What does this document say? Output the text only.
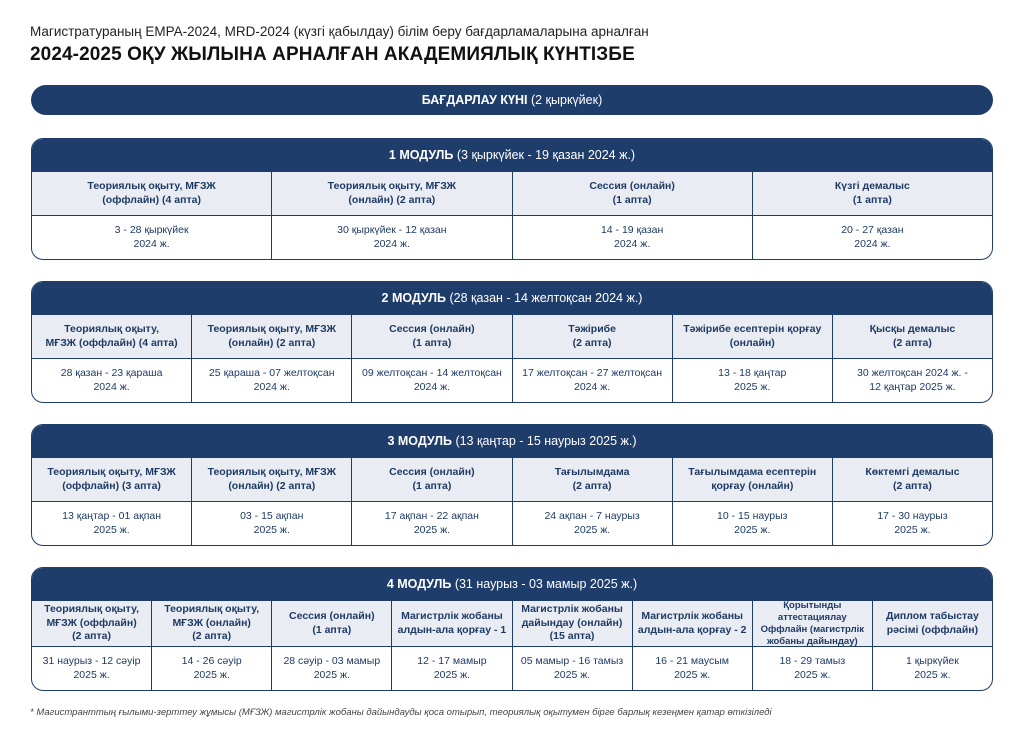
Магистратураның EMPA-2024, MRD-2024 (күзгі қабылдау) білім беру бағдарламаларына арналған
2024-2025 ОҚУ ЖЫЛЫНА АРНАЛҒАН АКАДЕМИЯЛЫҚ КҮНТІЗБЕ
БАҒДАРЛАУ КҮНІ (2 қыркүйек)
1 МОДУЛЬ (3 қыркүйек - 19 қазан 2024 ж.)
Теориялық оқыту, МҒЗЖ
(оффлайн) (4 апта)
Теориялық оқыту, МҒЗЖ
(онлайн) (2 апта)
Сессия (онлайн)
(1 апта)
Күзгі демалыс
(1 апта)
3 - 28 қыркүйек
2024 ж.
30 қыркүйек - 12 қазан
2024 ж.
14 - 19 қазан
2024 ж.
20 - 27 қазан
2024 ж.
2 МОДУЛЬ (28 қазан - 14 желтоқсан 2024 ж.)
Теориялық оқыту,
МҒЗЖ (оффлайн) (4 апта)
Теориялық оқыту, МҒЗЖ
(онлайн) (2 апта)
Сессия (онлайн)
(1 апта)
Тәжірибе
(2 апта)
Тәжірибе есептерін қорғау
(онлайн)
Қысқы демалыс
(2 апта)
28 қазан - 23 қараша
2024 ж.
25 қараша - 07 желтоқсан
2024 ж.
09 желтоқсан - 14 желтоқсан
2024 ж.
17 желтоқсан - 27 желтоқсан
2024 ж.
13 - 18 қаңтар
2025 ж.
30 желтоқсан 2024 ж. -
12 қаңтар 2025 ж.
3 МОДУЛЬ (13 қаңтар - 15 наурыз 2025 ж.)
Теориялық оқыту, МҒЗЖ
(оффлайн) (3 апта)
Теориялық оқыту, МҒЗЖ
(онлайн) (2 апта)
Сессия (онлайн)
(1 апта)
Тағылымдама
(2 апта)
Тағылымдама есептерін
қорғау (онлайн)
Көктемгі демалыс
(2 апта)
13 қаңтар - 01 ақпан
2025 ж.
03 - 15 ақпан
2025 ж.
17 ақпан - 22 ақпан
2025 ж.
24 ақпан - 7 наурыз
2025 ж.
10 - 15 наурыз
2025 ж.
17 - 30 наурыз
2025 ж.
4 МОДУЛЬ (31 наурыз - 03 мамыр 2025 ж.)
Теориялық оқыту,
МҒЗЖ (оффлайн)
(2 апта)
Теориялық оқыту,
МҒЗЖ (онлайн)
(2 апта)
Сессия (онлайн)
(1 апта)
Магистрлік жобаны
алдын-ала қорғау - 1
Магистрлік жобаны
дайындау (онлайн)
(15 апта)
Магистрлік жобаны
алдын-ала қорғау - 2
Қорытынды аттестациялау
Оффлайн (магистрлік
жобаны дайындау)
Диплом табыстау
рәсімі (оффлайн)
31 наурыз - 12 сәуір
2025 ж.
14 - 26 сәуір
2025 ж.
28 сәуір - 03 мамыр
2025 ж.
12 - 17 мамыр
2025 ж.
05 мамыр - 16 тамыз
2025 ж.
16 - 21 маусым
2025 ж.
18 - 29 тамыз
2025 ж.
1 қыркүйек
2025 ж.
* Магистранттың ғылыми-зерттеу жұмысы (МҒЗЖ) магистрлік жобаны дайындауды қоса отырып, теориялық оқытумен бірге барлық кезеңмен қатар өткізіледі
